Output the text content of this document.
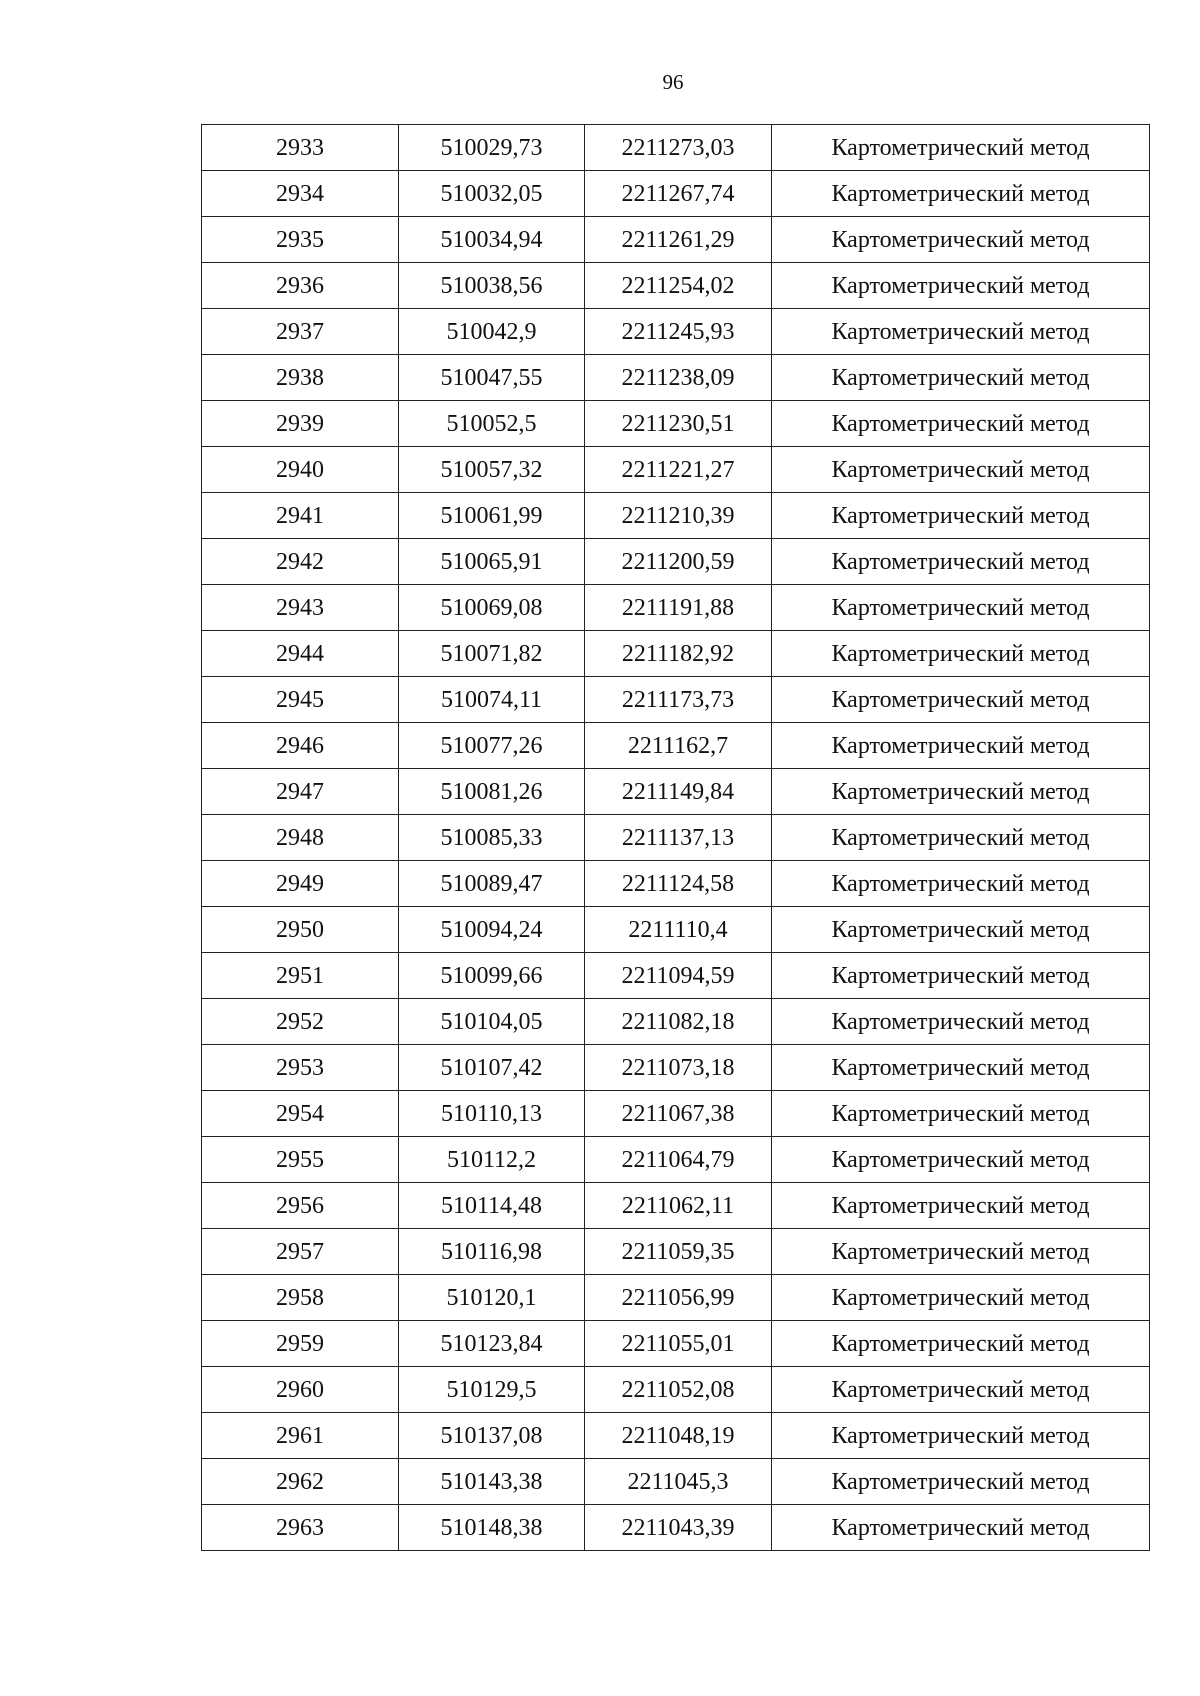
96
2933	510029,73	2211273,03	Картометрический метод
2934	510032,05	2211267,74	Картометрический метод
2935	510034,94	2211261,29	Картометрический метод
2936	510038,56	2211254,02	Картометрический метод
2937	510042,9	2211245,93	Картометрический метод
2938	510047,55	2211238,09	Картометрический метод
2939	510052,5	2211230,51	Картометрический метод
2940	510057,32	2211221,27	Картометрический метод
2941	510061,99	2211210,39	Картометрический метод
2942	510065,91	2211200,59	Картометрический метод
2943	510069,08	2211191,88	Картометрический метод
2944	510071,82	2211182,92	Картометрический метод
2945	510074,11	2211173,73	Картометрический метод
2946	510077,26	2211162,7	Картометрический метод
2947	510081,26	2211149,84	Картометрический метод
2948	510085,33	2211137,13	Картометрический метод
2949	510089,47	2211124,58	Картометрический метод
2950	510094,24	2211110,4	Картометрический метод
2951	510099,66	2211094,59	Картометрический метод
2952	510104,05	2211082,18	Картометрический метод
2953	510107,42	2211073,18	Картометрический метод
2954	510110,13	2211067,38	Картометрический метод
2955	510112,2	2211064,79	Картометрический метод
2956	510114,48	2211062,11	Картометрический метод
2957	510116,98	2211059,35	Картометрический метод
2958	510120,1	2211056,99	Картометрический метод
2959	510123,84	2211055,01	Картометрический метод
2960	510129,5	2211052,08	Картометрический метод
2961	510137,08	2211048,19	Картометрический метод
2962	510143,38	2211045,3	Картометрический метод
2963	510148,38	2211043,39	Картометрический метод
